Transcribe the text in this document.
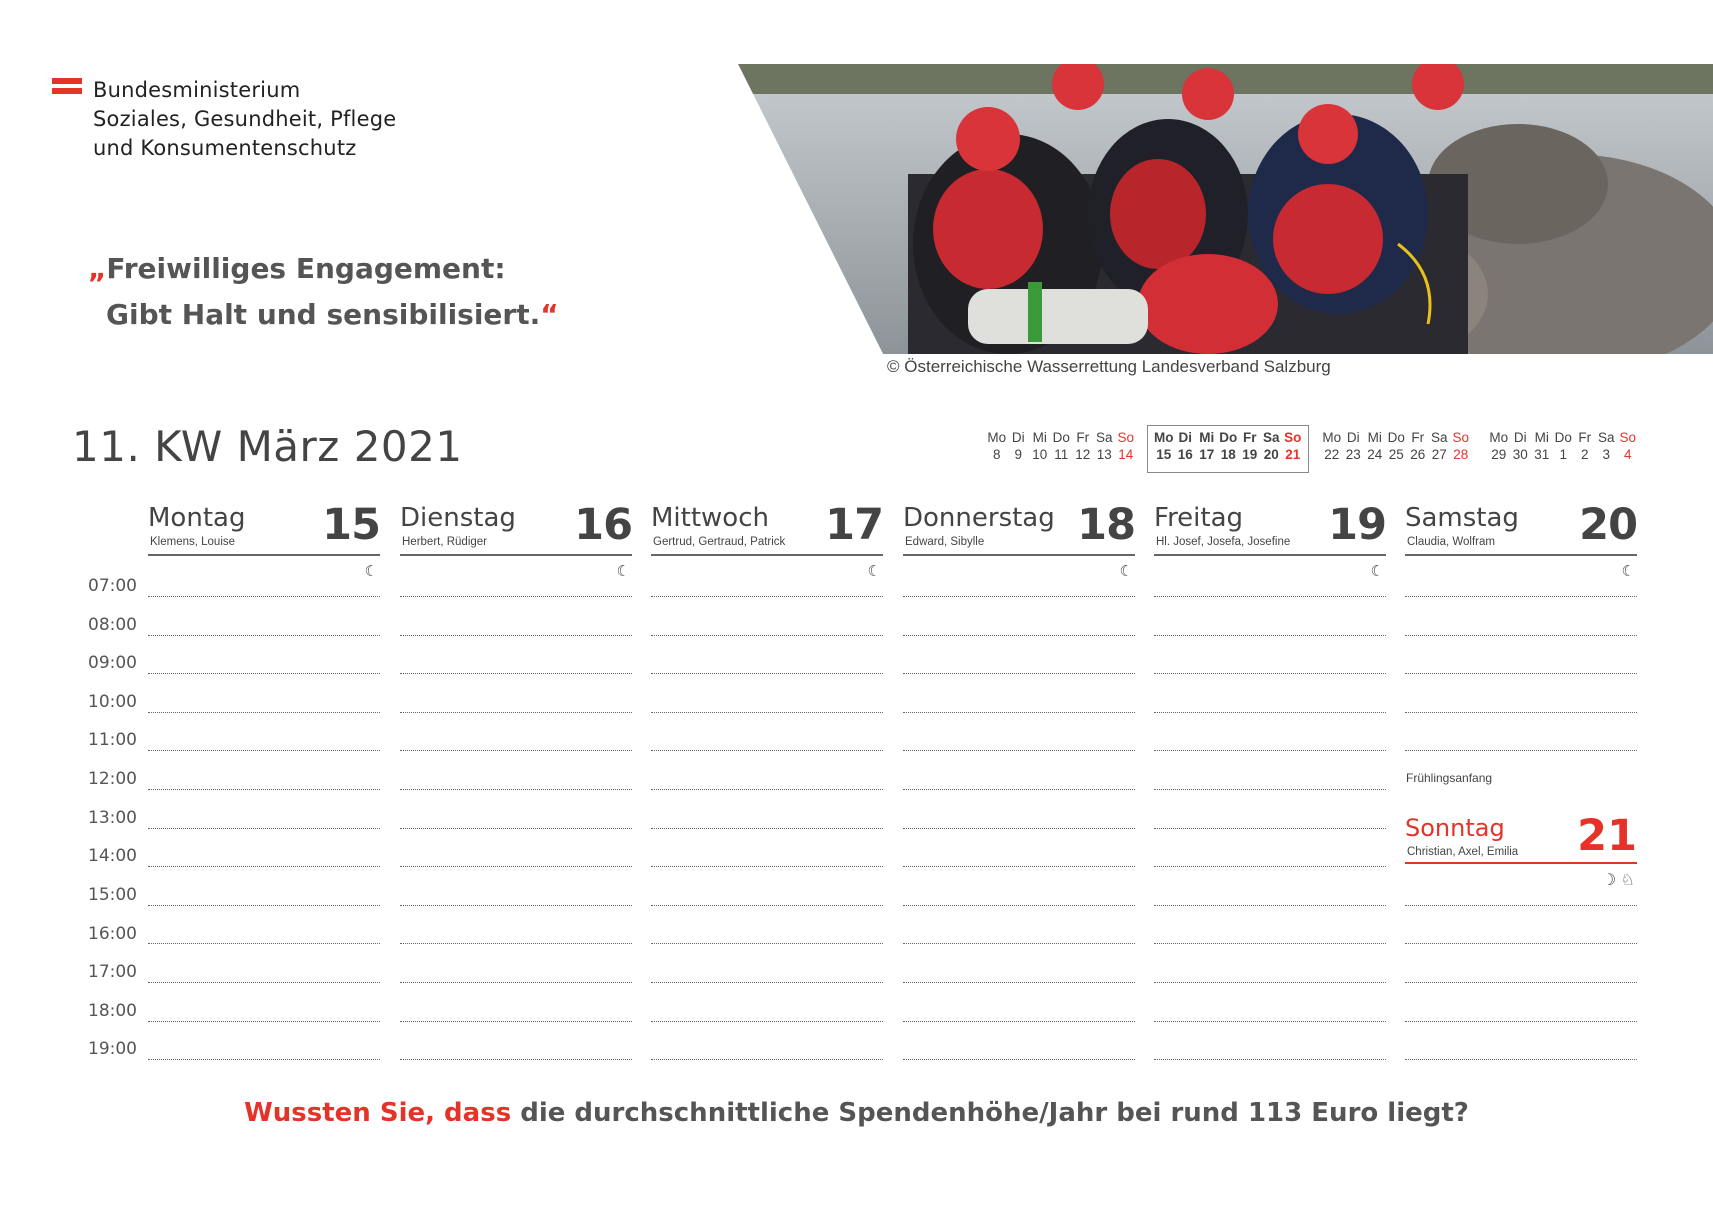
Bundesministerium
Soziales, Gesundheit, Pflege
und Konsumentenschutz
„Freiwilliges Engagement:
Gibt Halt und sensibilisiert.“
© Österreichische Wasserrettung Landesverband Salzburg
11. KW März 2021	Mo Di Mi Do Fr Sa So
8	9 10 11 12 13 14
Mo Di Mi Do Fr Sa So
15 16 17 18 19 20 21
Mo Di Mi Do Fr Sa So
22 23 24 25 26 27 28
Mo Di Mi Do Fr Sa So
29 30 31 1	2	3	4
07:00
08:00
09:00
10:00
11:00
12:00
13:00
14:00
15:00
16:00
17:00
18:00
19:00
Montag
Klemens, Louise 15
☾
Dienstag
Herbert, Rüdiger 16
☾
Mittwoch
Gertrud, Gertraud, Patrick 17
☾
Donnerstag
Edward, Sibylle 18
☾
Freitag
Hl. Josef, Josefa, Josefine 19
☾
Samstag
Claudia, Wolfram 20
☾
Frühlingsanfang
Sonntag
Christian, Axel, Emilia 21
☽ ♘
Wussten Sie, dass die durchschnittliche Spendenhöhe/Jahr bei rund 113 Euro liegt?
